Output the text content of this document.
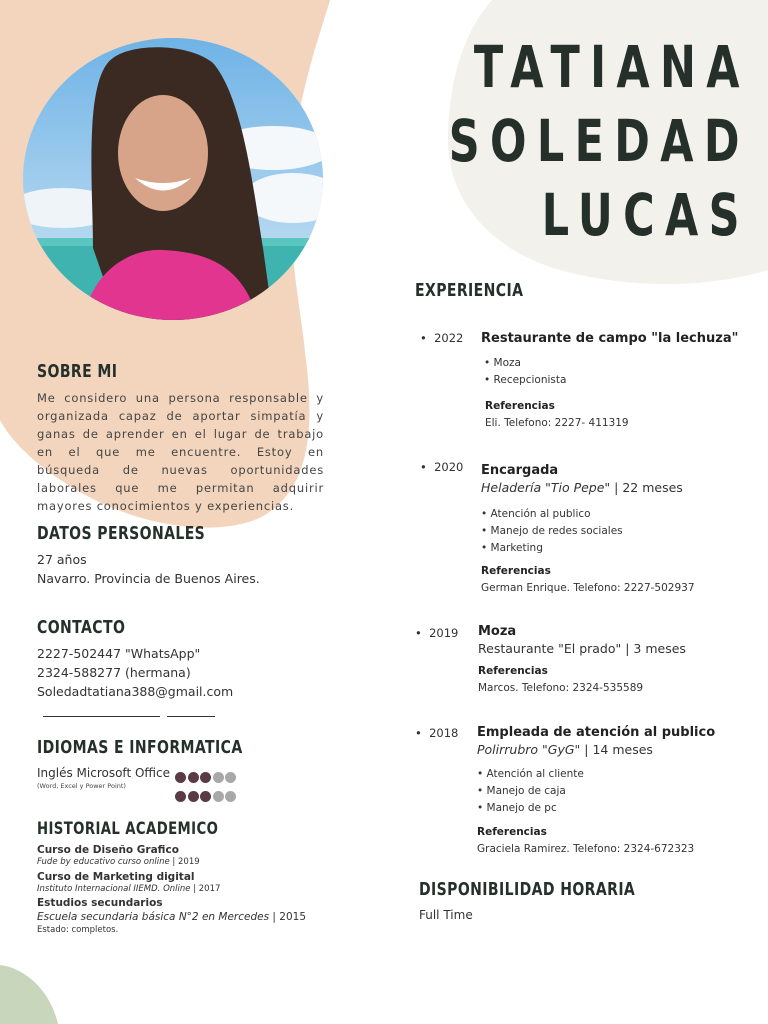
TATIANA
SOLEDAD
LUCAS
SOBRE MI
Me considero una persona responsable y organizada capaz de aportar simpatía y ganas de aprender en el lugar de trabajo en el que me encuentre. Estoy en búsqueda de nuevas oportunidades laborales que me permitan adquirir mayores conocimientos y experiencias.
DATOS PERSONALES
27 años
Navarro. Provincia de Buenos Aires.
CONTACTO
2227-502447 "WhatsApp"
2324-588277 (hermana)
Soledadtatiana388@gmail.com
IDIOMAS E INFORMATICA
Inglés Microsoft Office
(Word, Excel y Power Point)
HISTORIAL ACADEMICO
Curso de Diseño Grafico
Fude by educativo curso online | 2019
Curso de Marketing digital
Instituto Internacional IIEMD. Online | 2017
Estudios secundarios
Escuela secundaria básica N°2 en Mercedes | 2015
Estado: completos.
EXPERIENCIA
•  2022 Restaurante de campo "la lechuza"
• Moza
• Recepcionista
Referencias
Eli. Telefono: 2227- 411319
•  2020 Encargada
Heladería "Tio Pepe" | 22 meses
• Atención al publico
• Manejo de redes sociales
• Marketing
Referencias
German Enrique. Telefono: 2227-502937
•  2019 Moza
Restaurante "El prado" | 3 meses
Referencias
Marcos. Telefono: 2324-535589
•  2018 Empleada de atención al publico
Polirrubro "GyG" | 14 meses
• Atención al cliente
• Manejo de caja
• Manejo de pc
Referencias
Graciela Ramirez. Telefono: 2324-672323
DISPONIBILIDAD HORARIA
Full Time
